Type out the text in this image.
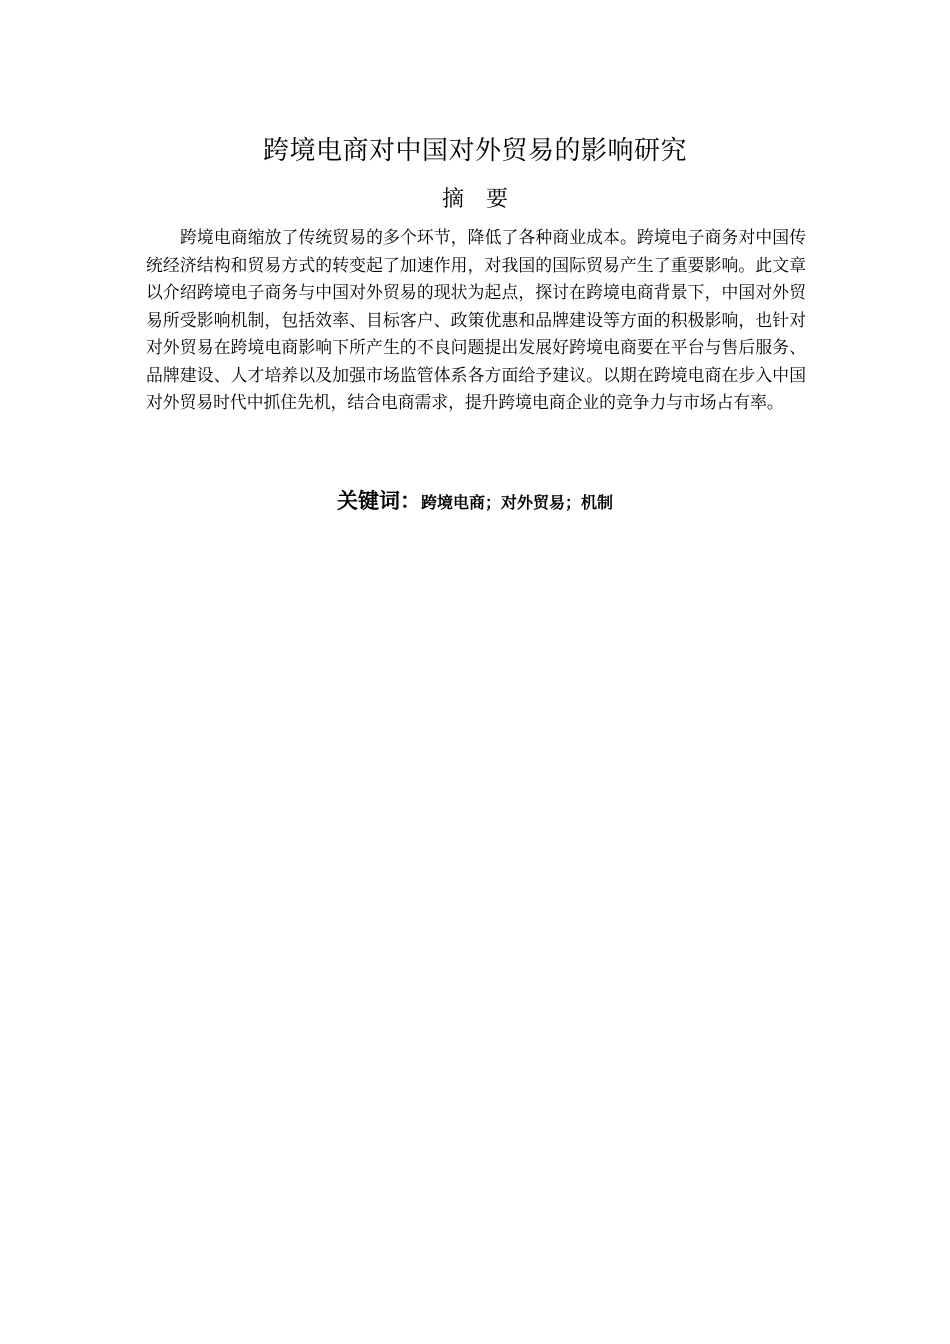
跨境电商对中国对外贸易的影响研究
摘要

跨境电商缩放了传统贸易的多个环节，降低了各种商业成本。跨境电子商务对中国传统经济结构和贸易方式的转变起了加速作用，对我国的国际贸易产生了重要影响。此文章以介绍跨境电子商务与中国对外贸易的现状为起点，探讨在跨境电商背景下，中国对外贸易所受影响机制，包括效率、目标客户、政策优惠和品牌建设等方面的积极影响，也针对对外贸易在跨境电商影响下所产生的不良问题提出发展好跨境电商要在平台与售后服务、品牌建设、人才培养以及加强市场监管体系各方面给予建议。以期在跨境电商在步入中国对外贸易时代中抓住先机，结合电商需求，提升跨境电商企业的竞争力与市场占有率。

关键词：跨境电商；对外贸易；机制
